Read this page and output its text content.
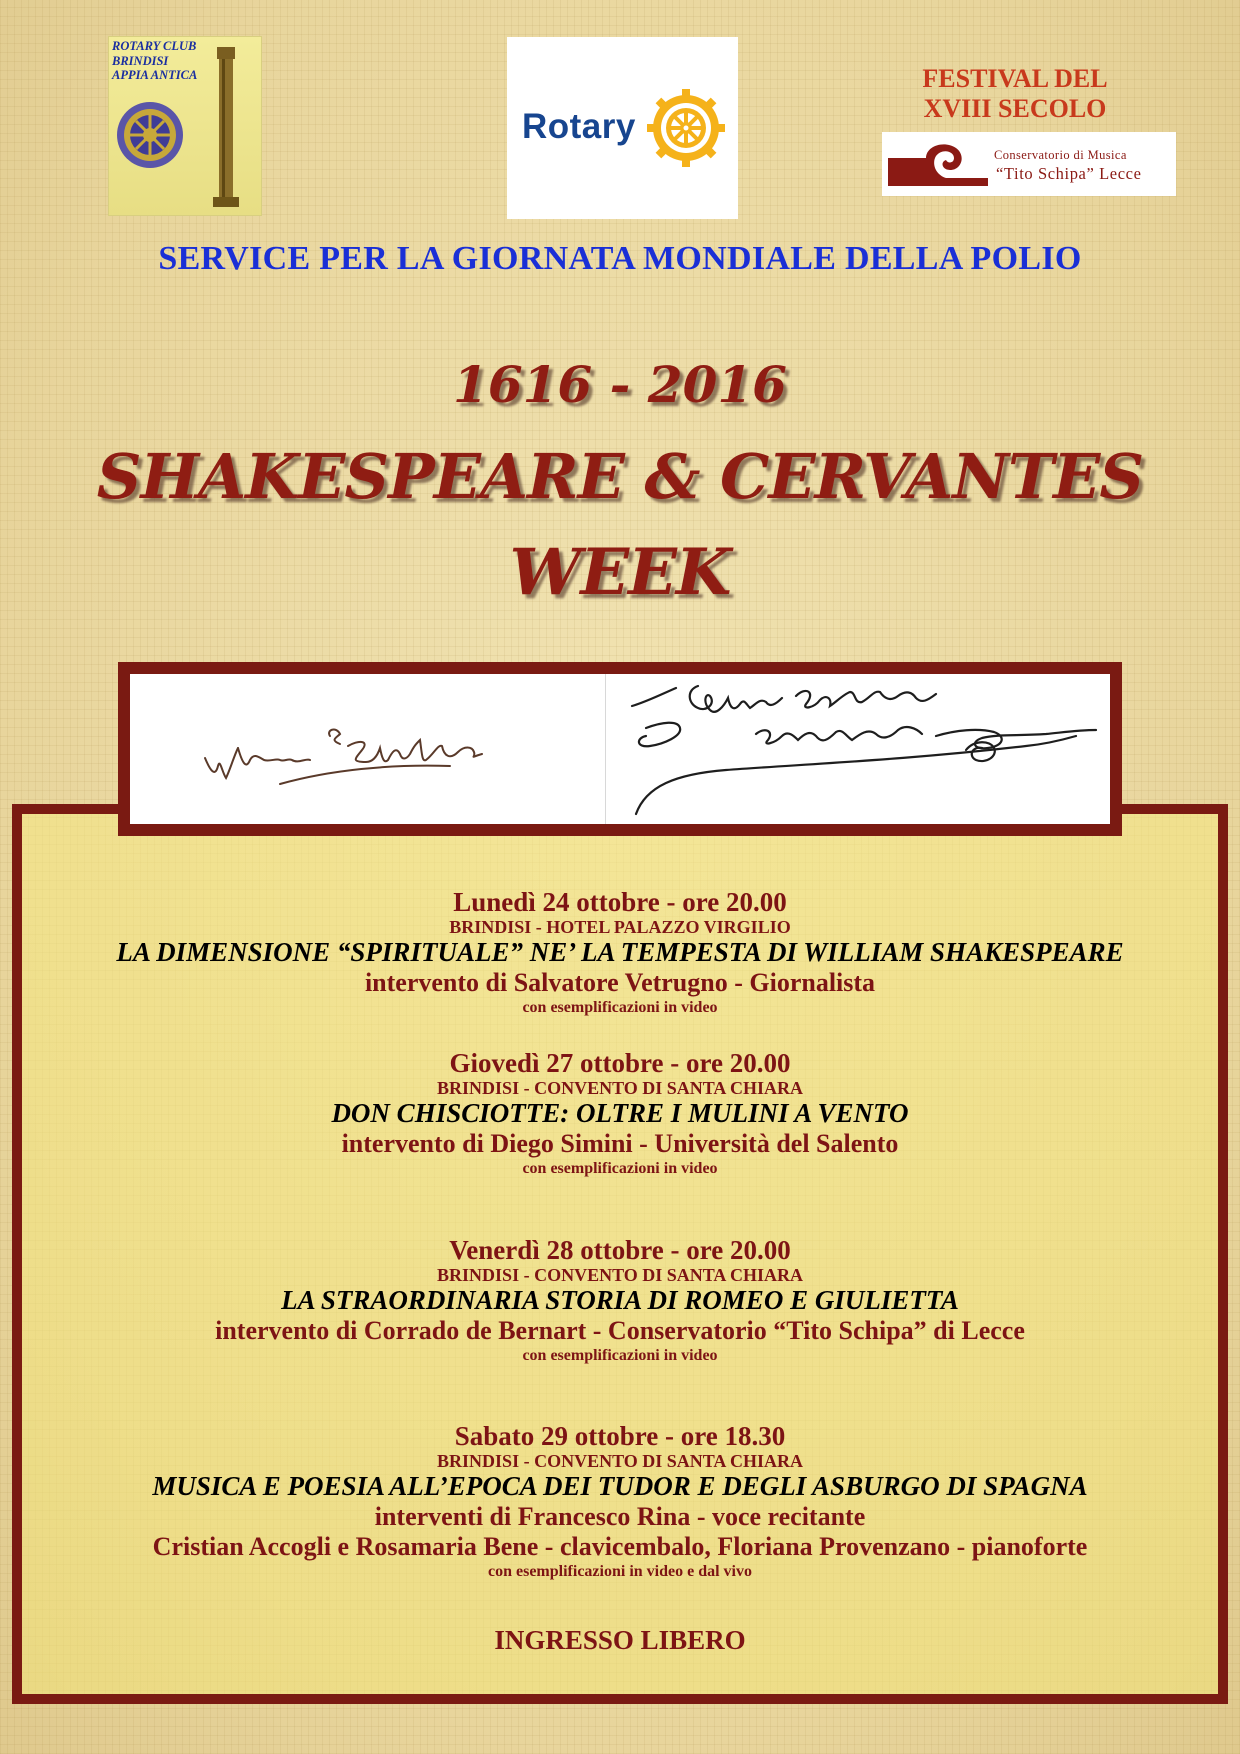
ROTARY CLUB
BRINDISI
APPIA ANTICA
Rotary
FESTIVAL DEL
XVIII SECOLO
Conservatorio di Musica
“Tito Schipa” Lecce
SERVICE PER LA GIORNATA MONDIALE DELLA POLIO
1616 - 2016
SHAKESPEARE & CERVANTES
WEEK
Lunedì 24 ottobre - ore 20.00
BRINDISI - HOTEL PALAZZO VIRGILIO
LA DIMENSIONE “SPIRITUALE” NE’ LA TEMPESTA DI WILLIAM SHAKESPEARE
intervento di Salvatore Vetrugno - Giornalista
con esemplificazioni in video
Giovedì 27 ottobre - ore 20.00
BRINDISI - CONVENTO DI SANTA CHIARA
DON CHISCIOTTE: OLTRE I MULINI A VENTO
intervento di Diego Simini - Università del Salento
con esemplificazioni in video
Venerdì 28 ottobre - ore 20.00
BRINDISI - CONVENTO DI SANTA CHIARA
LA STRAORDINARIA STORIA DI ROMEO E GIULIETTA
intervento di Corrado de Bernart - Conservatorio “Tito Schipa” di Lecce
con esemplificazioni in video
Sabato 29 ottobre - ore 18.30
BRINDISI - CONVENTO DI SANTA CHIARA
MUSICA E POESIA ALL’EPOCA DEI TUDOR E DEGLI ASBURGO DI SPAGNA
interventi di Francesco Rina - voce recitante
Cristian Accogli e Rosamaria Bene - clavicembalo, Floriana Provenzano - pianoforte
con esemplificazioni in video e dal vivo
INGRESSO LIBERO
